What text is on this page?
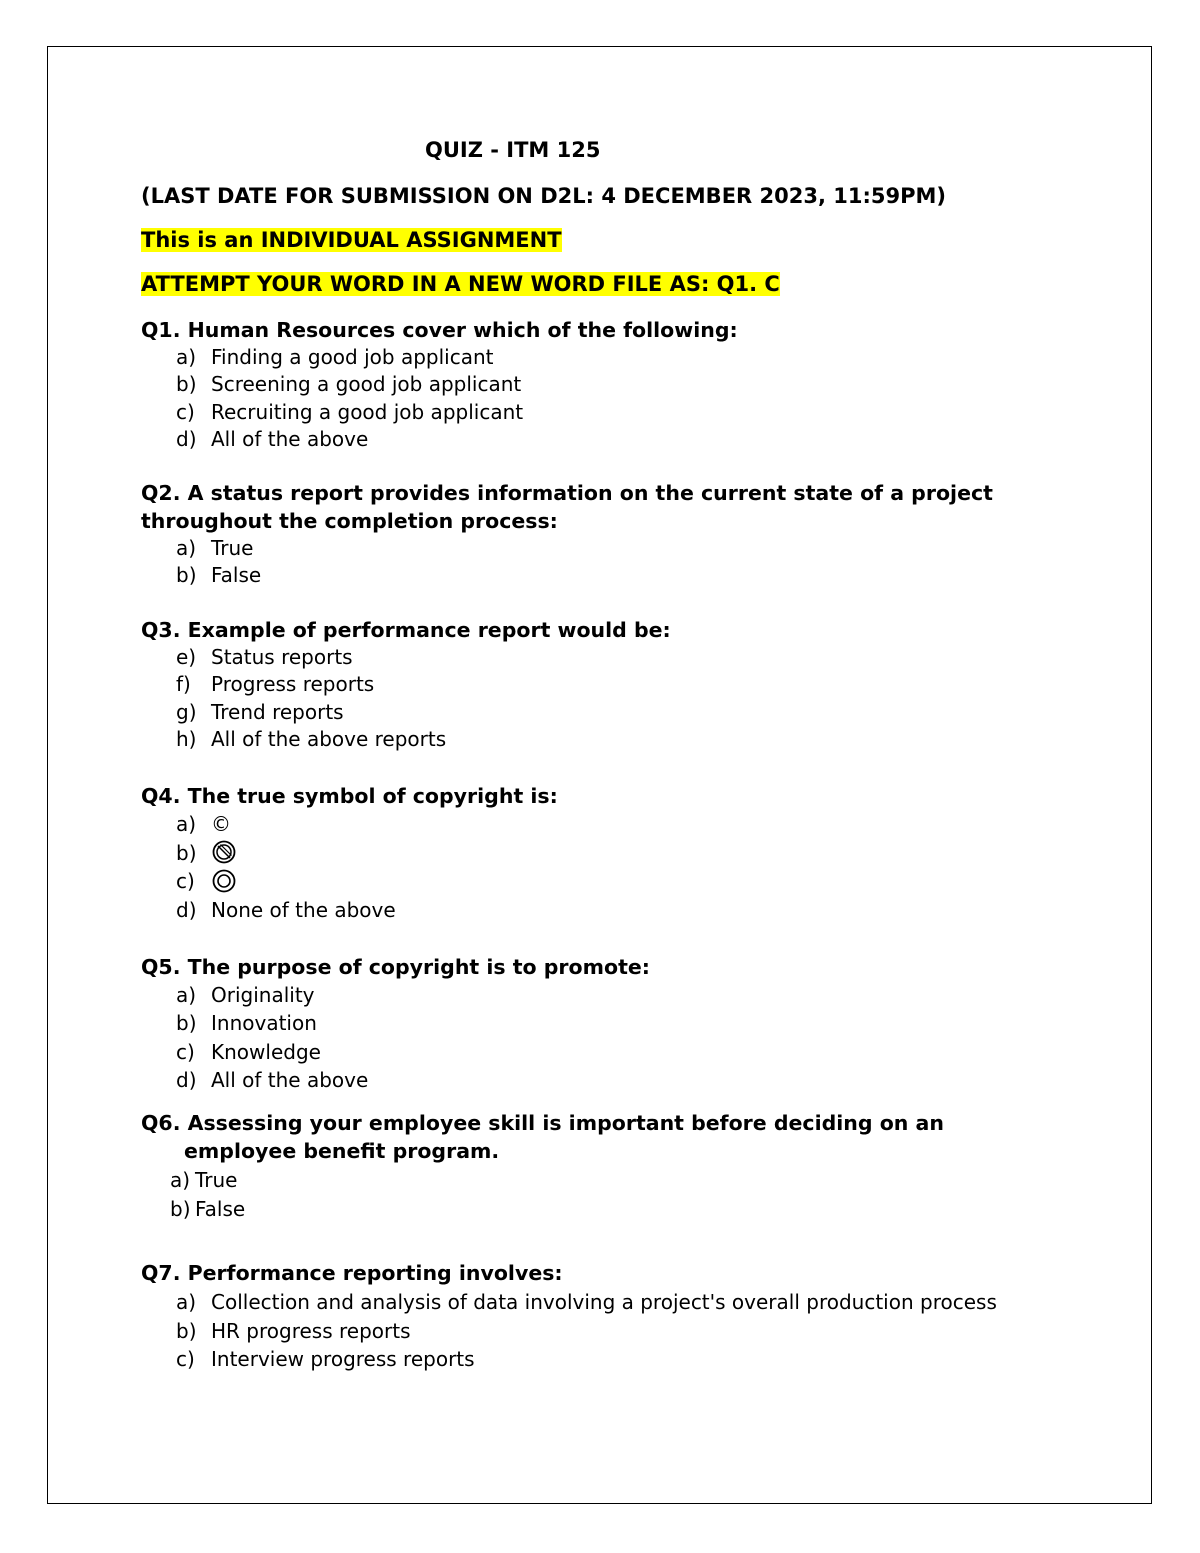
QUIZ - ITM 125
(LAST DATE FOR SUBMISSION ON D2L: 4 DECEMBER 2023, 11:59PM)
This is an INDIVIDUAL ASSIGNMENT
ATTEMPT YOUR WORD IN A NEW WORD FILE AS: Q1. C
Q1. Human Resources cover which of the following:
a) Finding a good job applicant
b) Screening a good job applicant
c) Recruiting a good job applicant
d) All of the above
Q2. A status report provides information on the current state of a project throughout the completion process:
a) True
b) False
Q3. Example of performance report would be:
e) Status reports
f) Progress reports
g) Trend reports
h) All of the above reports
Q4. The true symbol of copyright is:
a) ©
b)
c)
d) None of the above
Q5. The purpose of copyright is to promote:
a) Originality
b) Innovation
c) Knowledge
d) All of the above
Q6. Assessing your employee skill is important before deciding on an
employee benefit program.
a) True
b) False
Q7. Performance reporting involves:
a) Collection and analysis of data involving a project's overall production process
b) HR progress reports
c) Interview progress reports
